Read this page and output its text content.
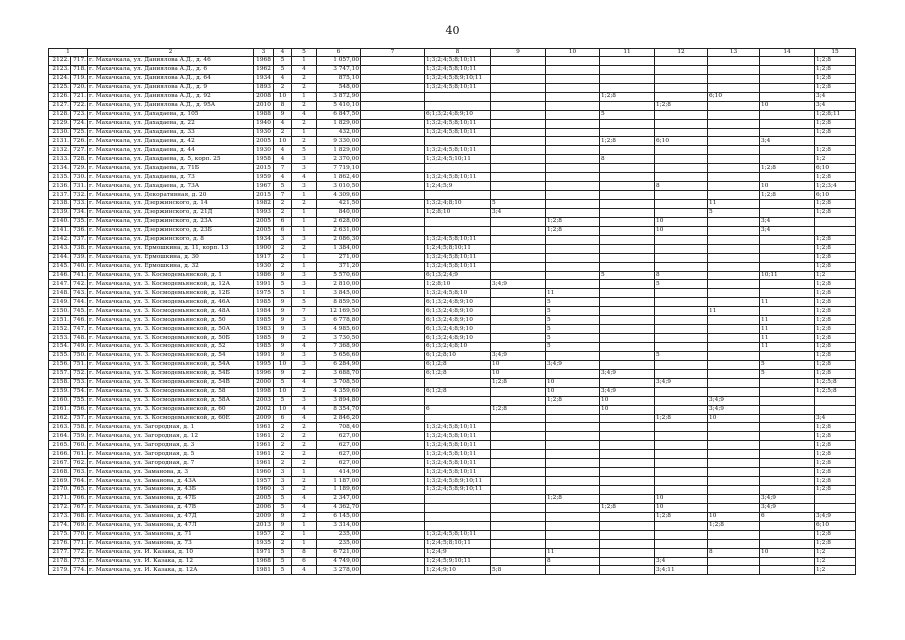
40
1		2	3	4	5	6	7	8	9	10	11	12	13	14	15
2122.	717.	г. Махачкала, ул. Даниялова А.Д., д. 46	1968	5	1	1 057,00		1;3;2;4;5;8;10;11							1;2;8
2123.	718.	г. Махачкала, ул. Даниялова А.Д., д. 6	1962	5	4	3 747,10		1;3;2;4;5;8;10;11							1;2;8
2124.	719.	г. Махачкала, ул. Даниялова А.Д., д. 64	1934	4	2	875,10		1;3;2;4;5;8;9;10;11							1;2;8
2125.	720.	г. Махачкала, ул. Даниялова А.Д., д. 9	1893	2	2	548,00		1;3;2;4;5;8;10;11							1;2;8
2126.	721.	г. Махачкала, ул. Даниялова А.Д., д. 92	2008	10	1	3 872,90					1;2;8		6;10		3;4
2127.	722.	г. Махачкала, ул. Даниялова А.Д., д. 95А	2010	8	2	5 410,10						1;2;8		10	3;4
2128.	723.	г. Махачкала, ул. Дахадаева, д. 105	1988	9	4	6 847,50		6;1;3;2;4;8;9;10			5				1;2;8;11
2129.	724.	г. Махачкала, ул. Дахадаева, д. 22	1940	4	2	1 829,00		1;3;2;4;5;8;10;11							1;2;8
2130.	725.	г. Махачкала, ул. Дахадаева, д. 33	1930	2	1	432,00		1;3;2;4;5;8;10;11							1;2;8
2131.	726.	г. Махачкала, ул. Дахадаева, д. 42	2005	10	2	9 330,00					1;2;8	6;10		3;4	
2132.	727.	г. Махачкала, ул. Дахадаева, д. 44	1930	4	5	1 829,00		1;3;2;4;5;8;10;11							1;2;8
2133.	728.	г. Махачкала, ул. Дахадаева, д. 5, корп. 25	1958	4	3	2 370,00		1;3;2;4;5;10;11			8				1;2
2134.	729.	г. Махачкала, ул. Дахадаева, д. 71Б	2015	7	3	7 719,10								1;2;8	6;10
2135.	730.	г. Махачкала, ул. Дахадаева, д. 73	1959	4	4	1 862,40		1;3;2;4;5;8;10;11							1;2;8
2136.	731.	г. Махачкала, ул. Дахадаева, д. 73А	1967	5	3	3 010,50		1;2;4;5;9				8		10	1;2;3;4
2137.	732.	г. Махачкала, ул. Декоративная, д. 20	2015	7	1	4 309,60								1;2;8	6;10
2138.	733.	г. Махачкала, ул. Дзержинского, д. 14	1982	2	2	421,50		1;3;2;4;8;10	5				11		1;2;8
2139.	734.	г. Махачкала, ул. Дзержинского, д. 21Д	1993	2	1	840,00		1;2;8;10	3;4				5		1;2;8
2140.	735.	г. Махачкала, ул. Дзержинского, д. 23А	2005	6	1	2 628,00				1;2;8		10		3;4	
2141.	736.	г. Махачкала, ул. Дзержинского, д. 23Б	2005	6	1	2 631,00				1;2;8		10		3;4	
2142.	737.	г. Махачкала, ул. Дзержинского, д. 8	1934	3	3	2 086,30		1;3;2;4;5;8;10;11							1;2;8
2143.	738.	г. Махачкала, ул. Ермошкина, д. 11, корп. 13	1900	2	2	1 384,00		1;2;4;5;8;10;11							1;2;8
2144.	739.	г. Махачкала, ул. Ермошкина, д. 30	1917	2	1	271,00		1;3;2;4;5;8;10;11							1;2;8
2145.	740.	г. Махачкала, ул. Ермошкина, д. 32	1930	2	1	371,20		1;3;2;4;5;8;10;11							1;2;8
2146.	741.	г. Махачкала, ул. З. Космодемьянской, д. 1	1986	9	3	5 570,60		6;1;3;2;4;9			5	8		10;11	1;2
2147.	742.	г. Махачкала, ул. З. Космодемьянской, д. 12А	1991	5	3	2 810,00		1;2;8;10	3;4;9			5			1;2;8
2148.	743.	г. Махачкала, ул. З. Космодемьянской, д. 12Б	1975	5	1	3 845,00		1;3;2;4;5;8;10		11					1;2;8
2149.	744.	г. Махачкала, ул. З. Космодемьянской, д. 46А	1985	9	5	8 859,50		6;1;3;2;4;8;9;10		5				11	1;2;8
2150.	745.	г. Махачкала, ул. З. Космодемьянской, д. 48А	1984	9	7	12 169,50		6;1;3;2;4;8;9;10		5			11		1;2;8
2151.	746.	г. Махачкала, ул. З. Космодемьянской, д. 50	1985	9	3	6 778,80		6;1;3;2;4;8;9;10		5				11	1;2;8
2152.	747.	г. Махачкала, ул. З. Космодемьянской, д. 50А	1983	9	3	4 985,60		6;1;3;2;4;8;9;10		5				11	1;2;8
2153.	748.	г. Махачкала, ул. З. Космодемьянской, д. 50Б	1985	9	2	3 730,50		6;1;3;2;4;8;9;10		5				11	1;2;8
2154.	749.	г. Махачкала, ул. З. Космодемьянской, д. 52	1985	9	4	7 368,90		6;1;3;2;4;8;10		5				11	1;2;8
2155.	750.	г. Махачкала, ул. З. Космодемьянской, д. 54	1991	9	3	5 656,60		6;1;2;8;10	3;4;9			5			1;2;8
2156.	751.	г. Махачкала, ул. З. Космодемьянской, д. 54А	1995	10	3	6 284,90		6;1;2;8	10	3;4;9				5	1;2;8
2157.	752.	г. Махачкала, ул. З. Космодемьянской, д. 54Б	1996	9	2	3 688,70		6;1;2;8	10		3;4;9			5	1;2;8
2158.	753.	г. Махачкала, ул. З. Космодемьянской, д. 54В	2000	5	4	3 708,50			1;2;8	10		3;4;9			1;2;5;8
2159.	754.	г. Махачкала, ул. З. Космодемьянской, д. 58	1998	10	2	4 359,60		6;1;2;8		10	3;4;9				1;2;5;8
2160.	755.	г. Махачкала, ул. З. Космодемьянской, д. 58А	2003	5	3	3 894,80				1;2;8	10		3;4;9		
2161.	756.	г. Махачкала, ул. З. Космодемьянской, д. 60	2002	10	4	8 354,70		6	1;2;8		10		3;4;9		
2162.	757.	г. Махачкала, ул. З. Космодемьянской, д. 60Е	2009	6	4	2 846,20						1;2;8	10		3;4
2163.	758.	г. Махачкала, ул. Загородная, д. 1	1961	2	2	708,40		1;3;2;4;5;8;10;11							1;2;8
2164.	759.	г. Махачкала, ул. Загородная, д. 12	1961	2	2	627,00		1;3;2;4;5;8;10;11							1;2;8
2165.	760.	г. Махачкала, ул. Загородная, д. 3	1961	2	2	627,00		1;3;2;4;5;8;10;11							1;2;8
2166.	761.	г. Махачкала, ул. Загородная, д. 5	1961	2	2	627,00		1;3;2;4;5;8;10;11							1;2;8
2167.	762.	г. Махачкала, ул. Загородная, д. 7	1961	2	2	627,00		1;3;2;4;5;8;10;11							1;2;8
2168.	763.	г. Махачкала, ул. Заманова, д. 3	1960	3	1	414,90		1;3;2;4;5;8;10;11							1;2;8
2169.	764.	г. Махачкала, ул. Заманова, д. 43А	1957	3	2	1 187,00		1;3;2;4;5;8;9;10;11							1;2;8
2170.	765.	г. Махачкала, ул. Заманова, д. 43Б	1960	3	2	1 189,60		1;3;2;4;5;8;9;10;11							1;2;8
2171.	766.	г. Махачкала, ул. Заманова, д. 47Б	2005	5	4	2 347,00				1;2;8		10		3;4;9	
2172.	767.	г. Махачкала, ул. Заманова, д. 47В	2006	5	4	4 362,70					1;2;8	10		3;4;9	
2173.	768.	г. Махачкала, ул. Заманова, д. 47Д	2009	9	2	6 145,00						1;2;8	10	6	3;4;9
2174.	769.	г. Махачкала, ул. Заманова, д. 47Л	2013	9	1	3 314,00							1;2;8		6;10
2175.	770.	г. Махачкала, ул. Заманова, д. 71	1957	2	1	235,00		1;3;2;4;5;8;10;11							1;2;8
2176.	771.	г. Махачкала, ул. Заманова, д. 73	1935	2	1	235,00		1;2;4;5;8;10;11							1;2;8
2177.	772.	г. Махачкала, ул. И. Казака, д. 10	1971	5	8	6 721,00		1;2;4;9		11			8	10	1;2
2178.	773.	г. Махачкала, ул. И. Казака, д. 12	1968	5	6	4 749,00		1;2;4;5;9;10;11		8		3;4			1;2
2179.	774.	г. Махачкала, ул. И. Казака, д. 12А	1981	5	4	3 278,00		1;2;4;9;10	5;8			3;4;11			1;2
